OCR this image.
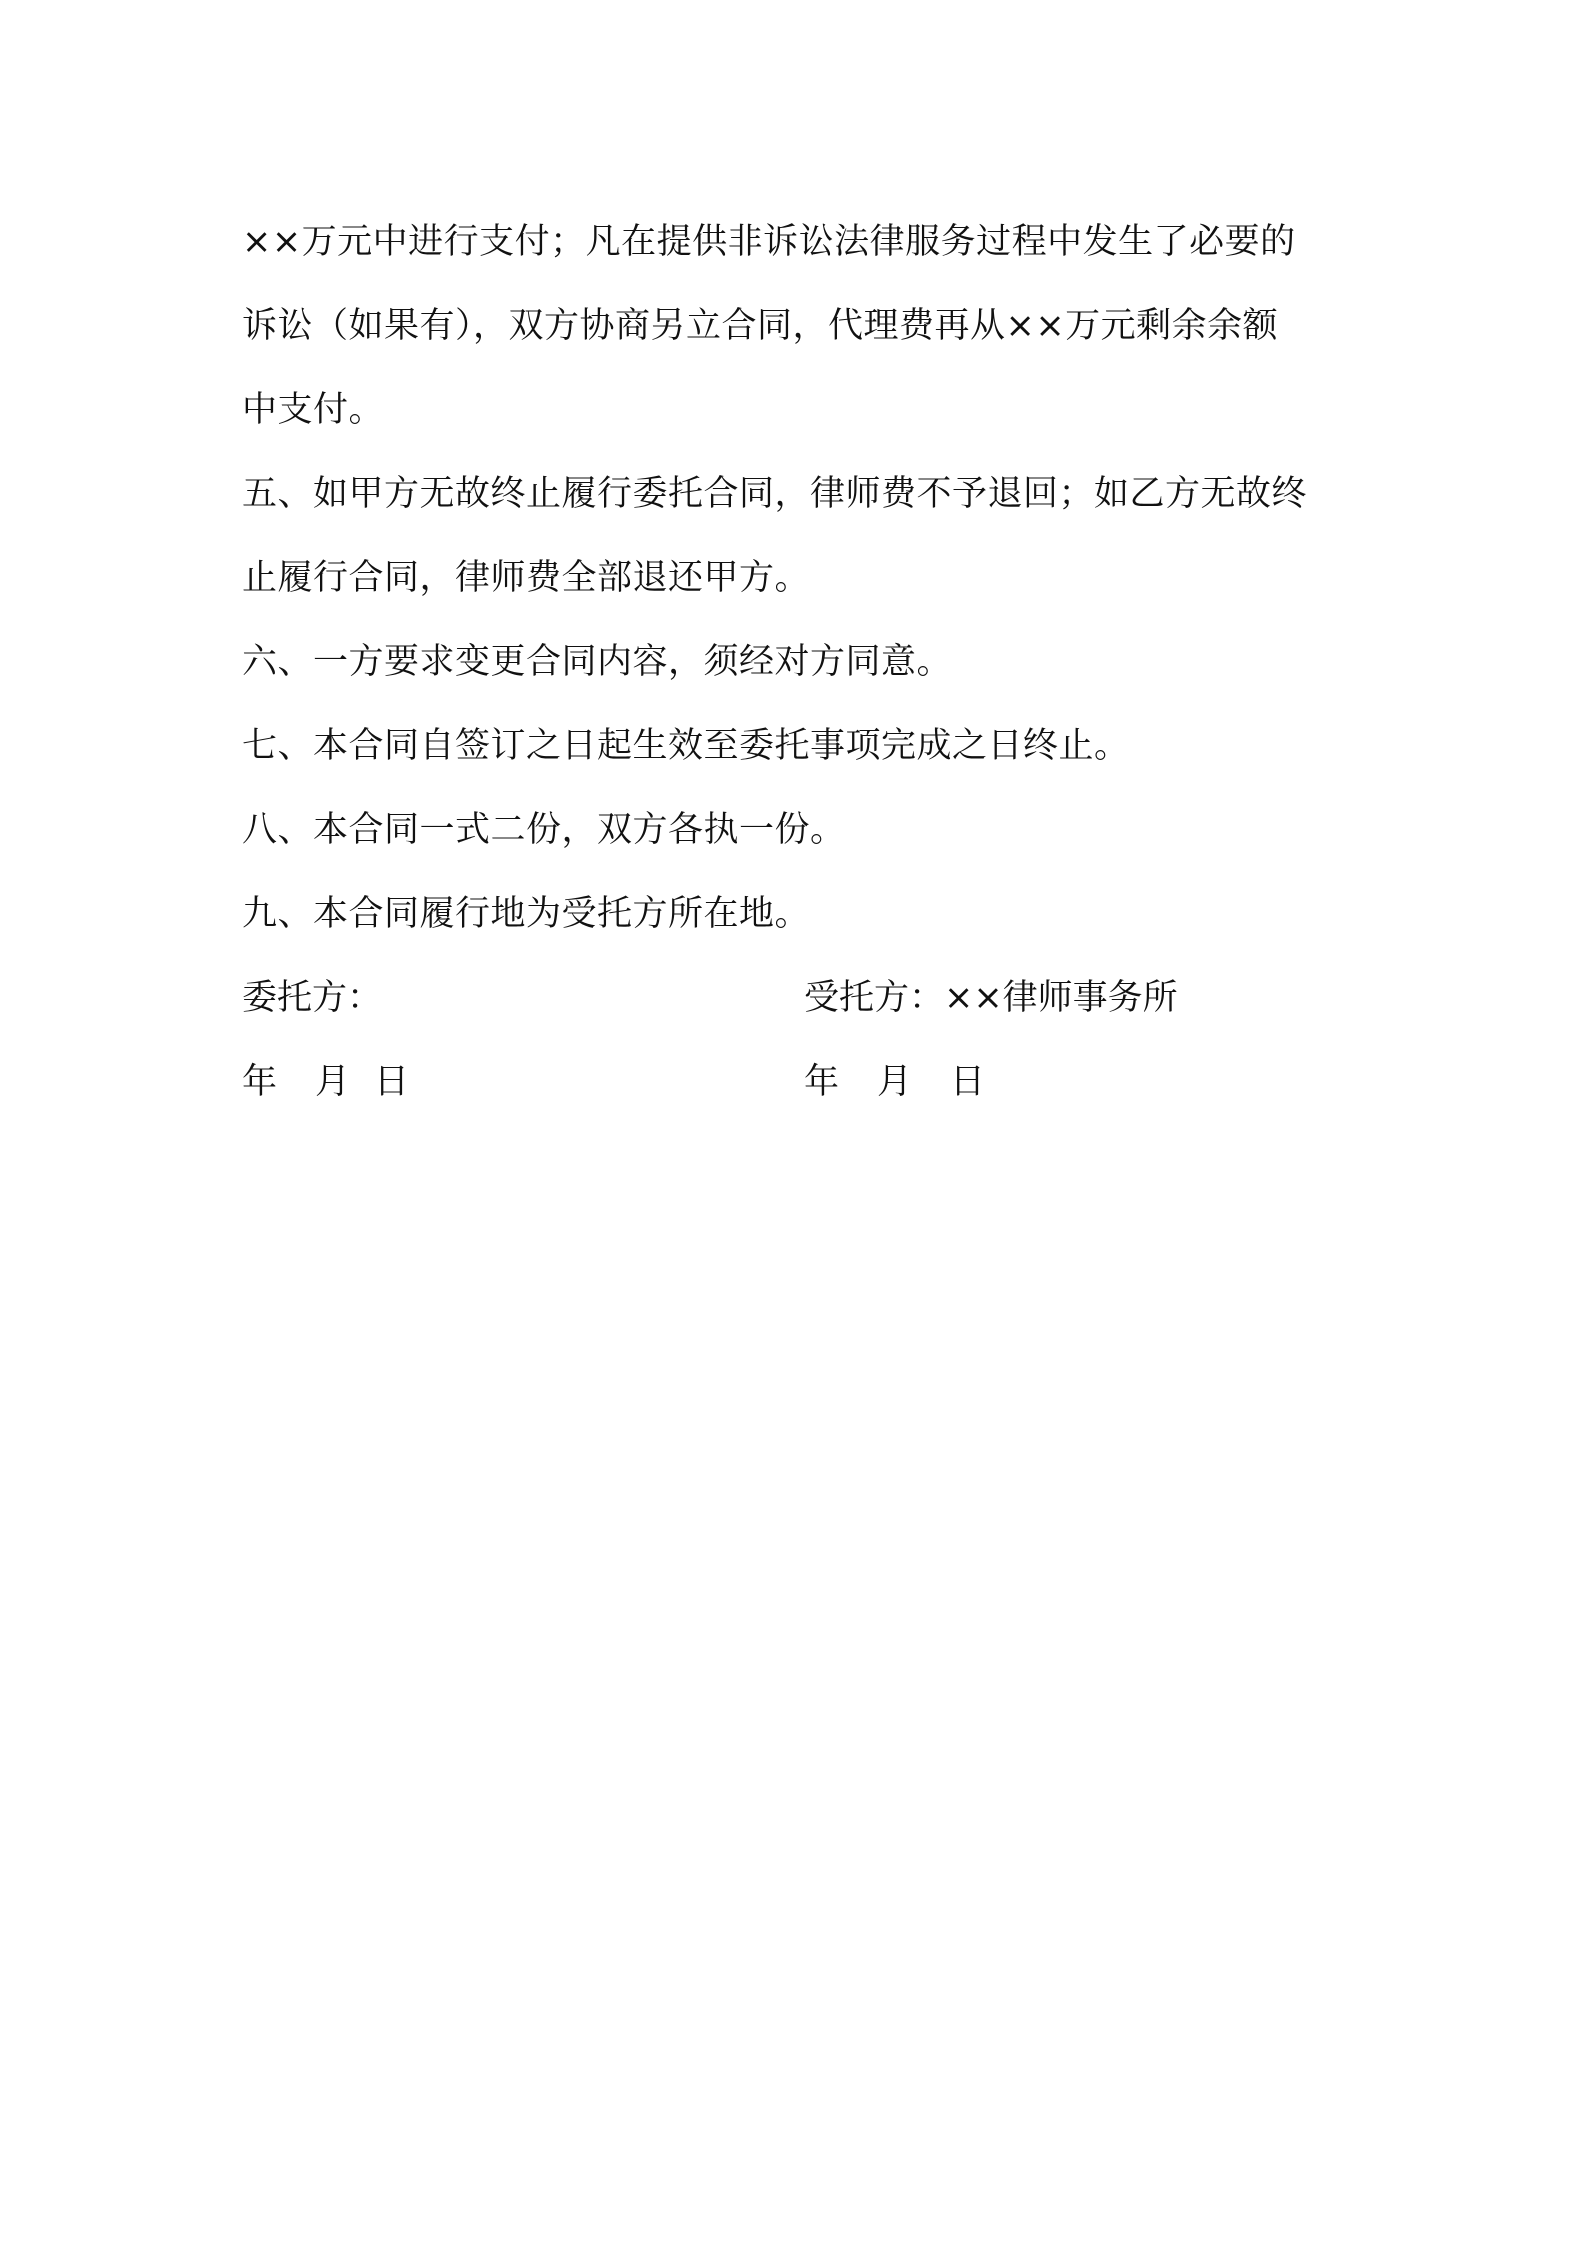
××万元中进行支付；凡在提供非诉讼法律服务过程中发生了必要的
诉讼（如果有），双方协商另立合同，代理费再从××万元剩余余额
中支付。
五、如甲方无故终止履行委托合同，律师费不予退回；如乙方无故终
止履行合同，律师费全部退还甲方。
六、一方要求变更合同内容，须经对方同意。
七、本合同自签订之日起生效至委托事项完成之日终止。
八、本合同一式二份，双方各执一份。
九、本合同履行地为受托方所在地。
委托方：	受托方：××律师事务所
年 月 日	年 月 日
